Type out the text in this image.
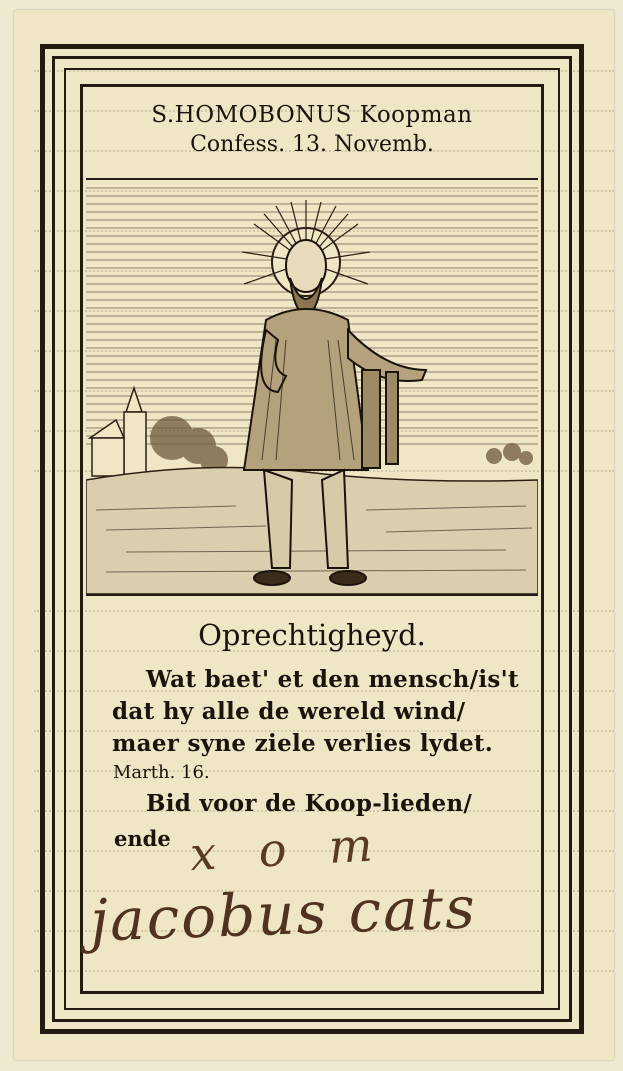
S.HOMOBONUS Koopman
Confess. 13. Novemb.
Oprechtigheyd.
Wat baet' et den mensch/is't
dat hy alle de wereld wind/
maer syne ziele verlies lydet.
Marth. 16.
Bid voor de Koop-lieden/
ende x o m
jacobus cats
